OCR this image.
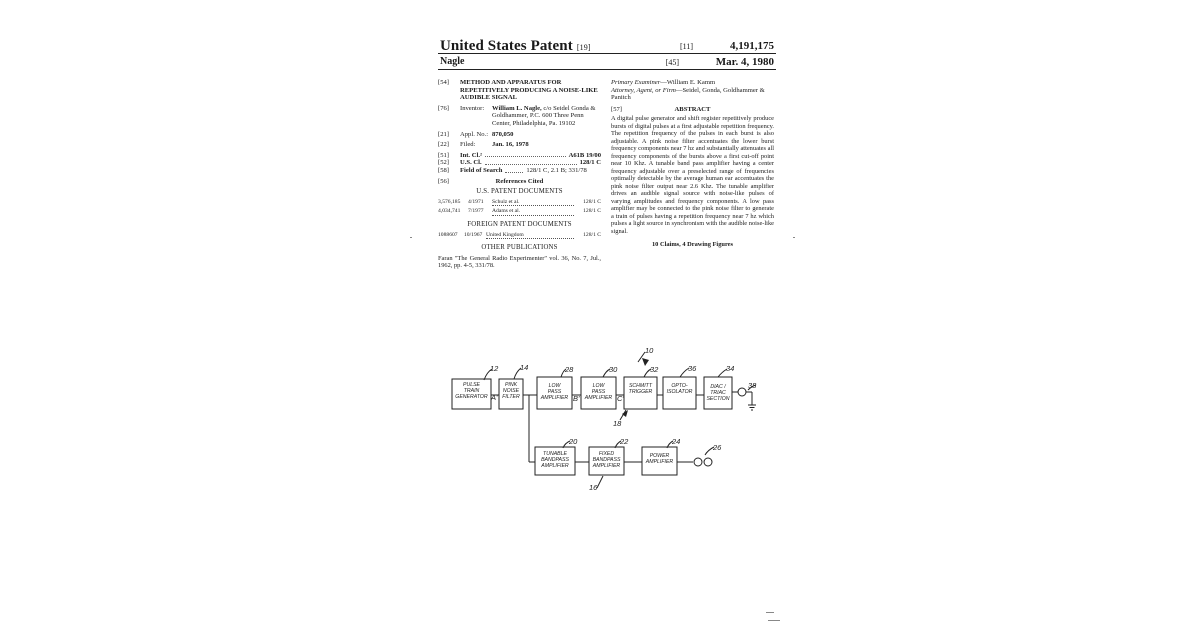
United States Patent [19]
Nagle
[11]	4,191,175
[45]	Mar. 4, 1980
[54]	METHOD AND APPARATUS FOR REPETITIVELY PRODUCING A NOISE-LIKE AUDIBLE SIGNAL
[76]	Inventor:	William L. Nagle, c/o Seidel Gonda & Goldhammer, P.C. 600 Three Penn Center, Philadelphia, Pa. 19102
[21]	Appl. No.: 870,050
[22]	Filed:	Jan. 16, 1978
[51]	Int. Cl.²	A61B 19/00
[52]	U.S. Cl.	128/1 C
[58]	Field of Search	128/1 C, 2.1 B; 331/78
[56]	References Cited
U.S. PATENT DOCUMENTS
3,576,185	4/1971	Schulz et al.	128/1 C
4,034,741	7/1977	Adams et al.	128/1 C
FOREIGN PATENT DOCUMENTS
1088607	10/1967 United Kingdom	128/1 C
OTHER PUBLICATIONS
Faran "The General Radio Experimenter" vol. 36, No. 7, Jul., 1962, pp. 4-5, 331/78.
Primary Examiner—William E. Kamm
Attorney, Agent, or Firm—Seidel, Gonda, Goldhammer & Panitch
[57]	ABSTRACT
A digital pulse generator and shift register repetitively produce bursts of digital pulses at a first adjustable repetition frequency. The repetition frequency of the pulses in each burst is also adjustable. A pink noise filter accentuates the lower burst frequency components near 7 hz and substantially attenuates all frequency components of the bursts above a first cut-off point near 10 Khz. A tunable band pass amplifier having a center frequency adjustable over a preselected range of frequencies optimally detectable by the average human ear accentuates the pink noise filter output near 2.6 Khz. The tunable amplifier drives an audible signal source with noise-like pulses of varying amplitudes and frequency components. A low pass amplifier may be connected to the pink noise filter to generate a train of pulses having a repetition frequency near 7 hz which pulses a light source in synchronism with the audible noise-like signal.
10 Claims, 4 Drawing Figures
PULSE TRAIN GENERATOR
PINK NOISE FILTER
LOW PASS AMPLIFIER
LOW PASS AMPLIFIER
SCHMITT TRIGGER
OPTO-ISOLATOR
DIAC / TRIAC SECTION
TUNABLE BANDPASS AMPLIFIER
FIXED BANDPASS AMPLIFIER
POWER AMPLIFIER
12	14	28	30	32	36	34
38
10
18
20	22	24
26
16
A'	B'	C'
